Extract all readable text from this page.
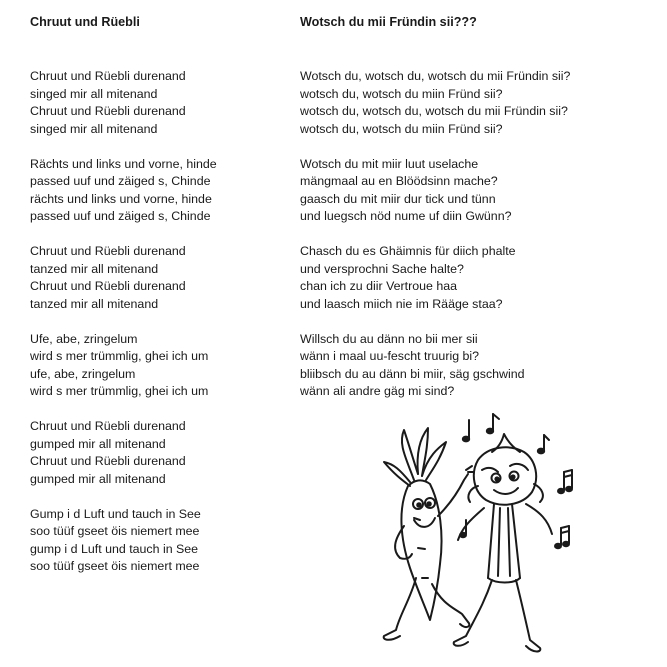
Chruut und Rüebli
Chruut und Rüebli durenand
singed mir all mitenand
Chruut und Rüebli durenand
singed mir all mitenand
Rächts und links und vorne, hinde
passed uuf und zäiged s, Chinde
rächts und links und vorne, hinde
passed uuf und zäiged s, Chinde
Chruut und Rüebli durenand
tanzed mir all mitenand
Chruut und Rüebli durenand
tanzed mir all mitenand
Ufe, abe, zringelum
wird s mer trümmlig, ghei ich um
ufe, abe, zringelum
wird s mer trümmlig, ghei ich um
Chruut und Rüebli durenand
gumped mir all mitenand
Chruut und Rüebli durenand
gumped mir all mitenand
Gump i d Luft und tauch in See
soo tüüf gseet öis niemert mee
gump i d Luft und tauch in See
soo tüüf gseet öis niemert mee
Wotsch du mii Fründin sii???
Wotsch du, wotsch du, wotsch du mii Fründin sii?
wotsch du, wotsch du miin Fründ sii?
wotsch du, wotsch du, wotsch du mii Fründin sii?
wotsch du, wotsch du miin Fründ sii?
Wotsch du mit miir luut uselache
mängmaal au en Blöödsinn mache?
gaasch du mit miir dur tick und tünn
und luegsch nöd nume uf diin Gwünn?
Chasch du es Ghäimnis für diich phalte
und versprochni Sache halte?
chan ich zu diir Vertroue haa
und laasch miich nie im Rääge staa?
Willsch du au dänn no bii mer sii
wänn i maal uu-fescht truurig bi?
bliibsch du au dänn bi miir, säg gschwind
wänn ali andre gäg mi sind?
